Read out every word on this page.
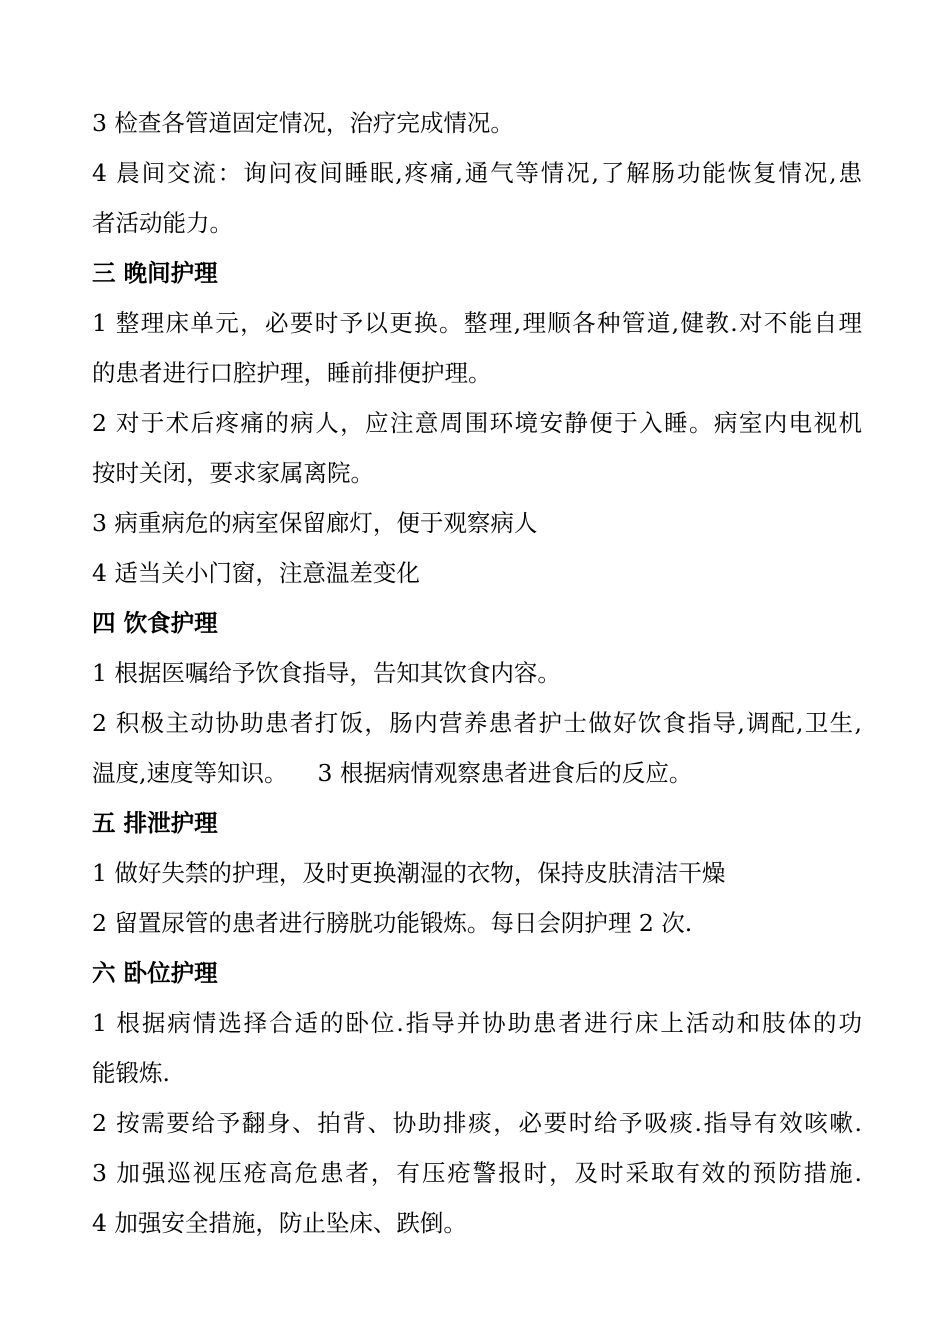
3 检查各管道固定情况，治疗完成情况。
4 晨间交流：询问夜间睡眠,疼痛,通气等情况,了解肠功能恢复情况,患
者活动能力。
三 晚间护理
1 整理床单元，必要时予以更换。整理,理顺各种管道,健教.对不能自理
的患者进行口腔护理，睡前排便护理。
2 对于术后疼痛的病人，应注意周围环境安静便于入睡。病室内电视机
按时关闭，要求家属离院。
3 病重病危的病室保留廊灯，便于观察病人
4 适当关小门窗，注意温差变化
四 饮食护理
1 根据医嘱给予饮食指导，告知其饮食内容。
2 积极主动协助患者打饭，肠内营养患者护士做好饮食指导,调配,卫生,
温度,速度等知识。 3 根据病情观察患者进食后的反应。
五 排泄护理
1 做好失禁的护理，及时更换潮湿的衣物，保持皮肤清洁干燥
2 留置尿管的患者进行膀胱功能锻炼。每日会阴护理 2 次.
六 卧位护理
1 根据病情选择合适的卧位.指导并协助患者进行床上活动和肢体的功
能锻炼.
2 按需要给予翻身、拍背、协助排痰，必要时给予吸痰.指导有效咳嗽.
3 加强巡视压疮高危患者，有压疮警报时，及时采取有效的预防措施.
4 加强安全措施，防止坠床、跌倒。
